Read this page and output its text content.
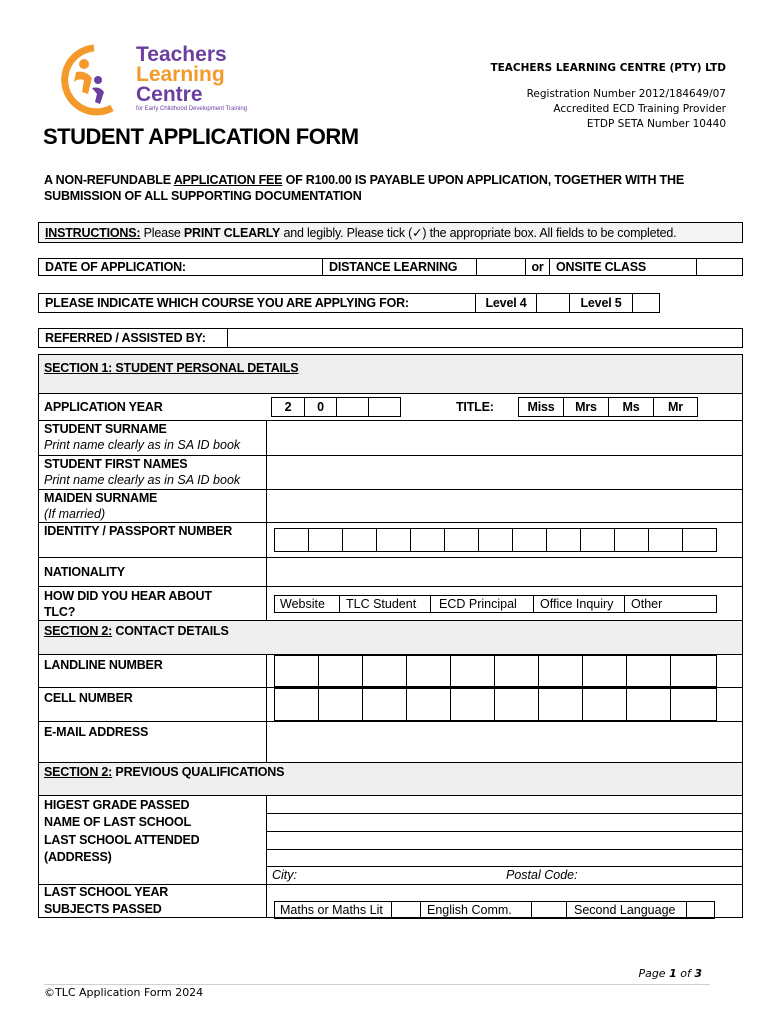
Teachers
Learning
Centre
for Early Childhood Development Training
TEACHERS LEARNING CENTRE (PTY) LTD
Registration Number 2012/184649/07
Accredited ECD Training Provider
ETDP SETA Number 10440
STUDENT APPLICATION FORM
A NON-REFUNDABLE APPLICATION FEE OF R100.00 IS PAYABLE UPON APPLICATION, TOGETHER WITH THE
SUBMISSION OF ALL SUPPORTING DOCUMENTATION
INSTRUCTIONS: Please PRINT CLEARLY and legibly. Please tick (✓) the appropriate box. All fields to be completed.
DATE OF APPLICATION:	DISTANCE LEARNING	or ONSITE CLASS
PLEASE INDICATE WHICH COURSE YOU ARE APPLYING FOR:	Level 4	Level 5
REFERRED / ASSISTED BY:
SECTION 1: STUDENT PERSONAL DETAILS
APPLICATION YEAR	2	0	TITLE:	Miss	Mrs	Ms	Mr
STUDENT SURNAME
Print name clearly as in SA ID book
STUDENT FIRST NAMES
Print name clearly as in SA ID book
MAIDEN SURNAME
(If married)
IDENTITY / PASSPORT NUMBER
NATIONALITY
HOW DID YOU HEAR ABOUT
TLC?
Website	TLC Student	ECD Principal	Office Inquiry	Other
SECTION 2: CONTACT DETAILS
LANDLINE NUMBER
CELL NUMBER
E-MAIL ADDRESS
SECTION 2: PREVIOUS QUALIFICATIONS
HIGEST GRADE PASSED
NAME OF LAST SCHOOL
LAST SCHOOL ATTENDED
(ADDRESS)
City:	Postal Code:
LAST SCHOOL YEAR
SUBJECTS PASSED	Maths or Maths Lit	English Comm.	Second Language
Page 1 of 3
©TLC Application Form 2024
